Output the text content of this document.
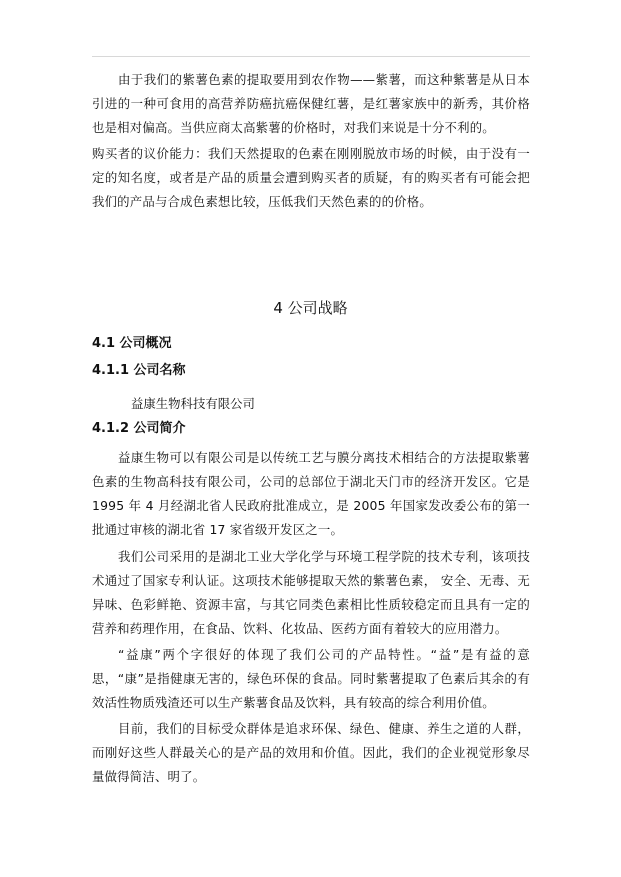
由于我们的紫薯色素的提取要用到农作物——紫薯，而这种紫薯是从日本引进的一种可食用的高营养防癌抗癌保健红薯，是红薯家族中的新秀，其价格也是相对偏高。当供应商太高紫薯的价格时，对我们来说是十分不利的。

购买者的议价能力：我们天然提取的色素在刚刚脱放市场的时候，由于没有一定的知名度，或者是产品的质量会遭到购买者的质疑，有的购买者有可能会把我们的产品与合成色素想比较，压低我们天然色素的的价格。

4 公司战略

4.1 公司概况

4.1.1 公司名称

益康生物科技有限公司

4.1.2 公司简介

益康生物可以有限公司是以传统工艺与膜分离技术相结合的方法提取紫薯色素的生物高科技有限公司，公司的总部位于湖北天门市的经济开发区。它是1995 年 4 月经湖北省人民政府批准成立，是 2005 年国家发改委公布的第一批通过审核的湖北省 17 家省级开发区之一。

我们公司采用的是湖北工业大学化学与环境工程学院的技术专利，该项技术通过了国家专利认证。这项技术能够提取天然的紫薯色素， 安全、无毒、无异味、色彩鲜艳、资源丰富，与其它同类色素相比性质较稳定而且具有一定的营养和药理作用，在食品、饮料、化妆品、医药方面有着较大的应用潜力。

“益康”两个字很好的体现了我们公司的产品特性。“益”是有益的意思，“康”是指健康无害的，绿色环保的食品。同时紫薯提取了色素后其余的有效活性物质残渣还可以生产紫薯食品及饮料，具有较高的综合利用价值。

目前，我们的目标受众群体是追求环保、绿色、健康、养生之道的人群，而刚好这些人群最关心的是产品的效用和价值。因此，我们的企业视觉形象尽量做得简洁、明了。
